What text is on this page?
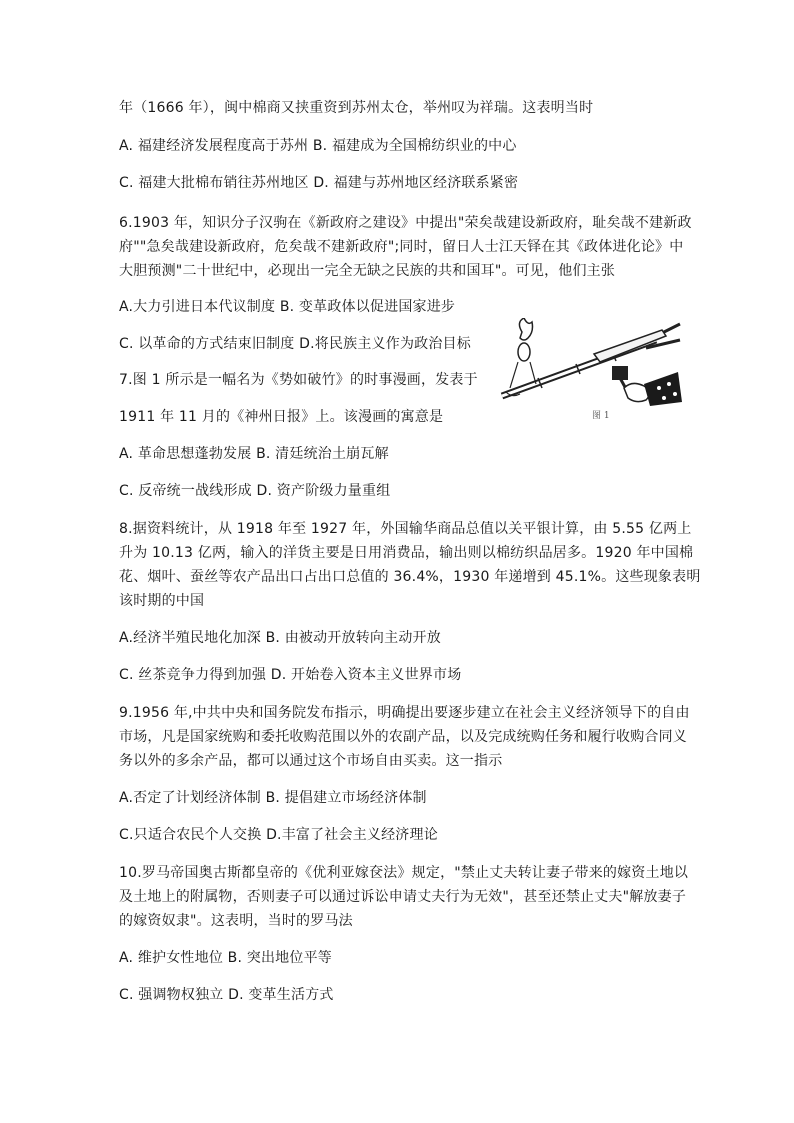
年（1666 年），闽中棉商又挟重资到苏州太仓，举州叹为祥瑞。这表明当时
A. 福建经济发展程度高于苏州 B. 福建成为全国棉纺织业的中心
C. 福建大批棉布销往苏州地区 D. 福建与苏州地区经济联系紧密
6.1903 年，知识分子汉驹在《新政府之建设》中提出"荣矣哉建设新政府，耻矣哉不建新政
府""急矣哉建设新政府，危矣哉不建新政府";同时，留日人士江天铎在其《政体进化论》中
大胆预测"二十世纪中，必现出一完全无缺之民族的共和国耳"。可见，他们主张
A.大力引进日本代议制度 B. 变革政体以促进国家进步
C. 以革命的方式结束旧制度 D.将民族主义作为政治目标
图 1
7.图 1 所示是一幅名为《势如破竹》的时事漫画，发表于
1911 年 11 月的《神州日报》上。该漫画的寓意是
A. 革命思想蓬勃发展 B. 清廷统治土崩瓦解
C. 反帝统一战线形成 D. 资产阶级力量重组
8.据资料统计，从 1918 年至 1927 年，外国输华商品总值以关平银计算，由 5.55 亿两上
升为 10.13 亿两，输入的洋货主要是日用消费品，输出则以棉纺织品居多。1920 年中国棉
花、烟叶、蚕丝等农产品出口占出口总值的 36.4%，1930 年递增到 45.1%。这些现象表明
该时期的中国
A.经济半殖民地化加深 B. 由被动开放转向主动开放
C. 丝茶竞争力得到加强 D. 开始卷入资本主义世界市场
9.1956 年,中共中央和国务院发布指示，明确提出要逐步建立在社会主义经济领导下的自由
市场，凡是国家统购和委托收购范围以外的农副产品，以及完成统购任务和履行收购合同义
务以外的多余产品，都可以通过这个市场自由买卖。这一指示
A.否定了计划经济体制 B. 提倡建立市场经济体制
C.只适合农民个人交换 D.丰富了社会主义经济理论
10.罗马帝国奥古斯都皇帝的《优利亚嫁奁法》规定，"禁止丈夫转让妻子带来的嫁资土地以
及土地上的附属物，否则妻子可以通过诉讼申请丈夫行为无效"，甚至还禁止丈夫"解放妻子
的嫁资奴隶"。这表明，当时的罗马法
A. 维护女性地位 B. 突出地位平等
C. 强调物权独立 D. 变革生活方式
